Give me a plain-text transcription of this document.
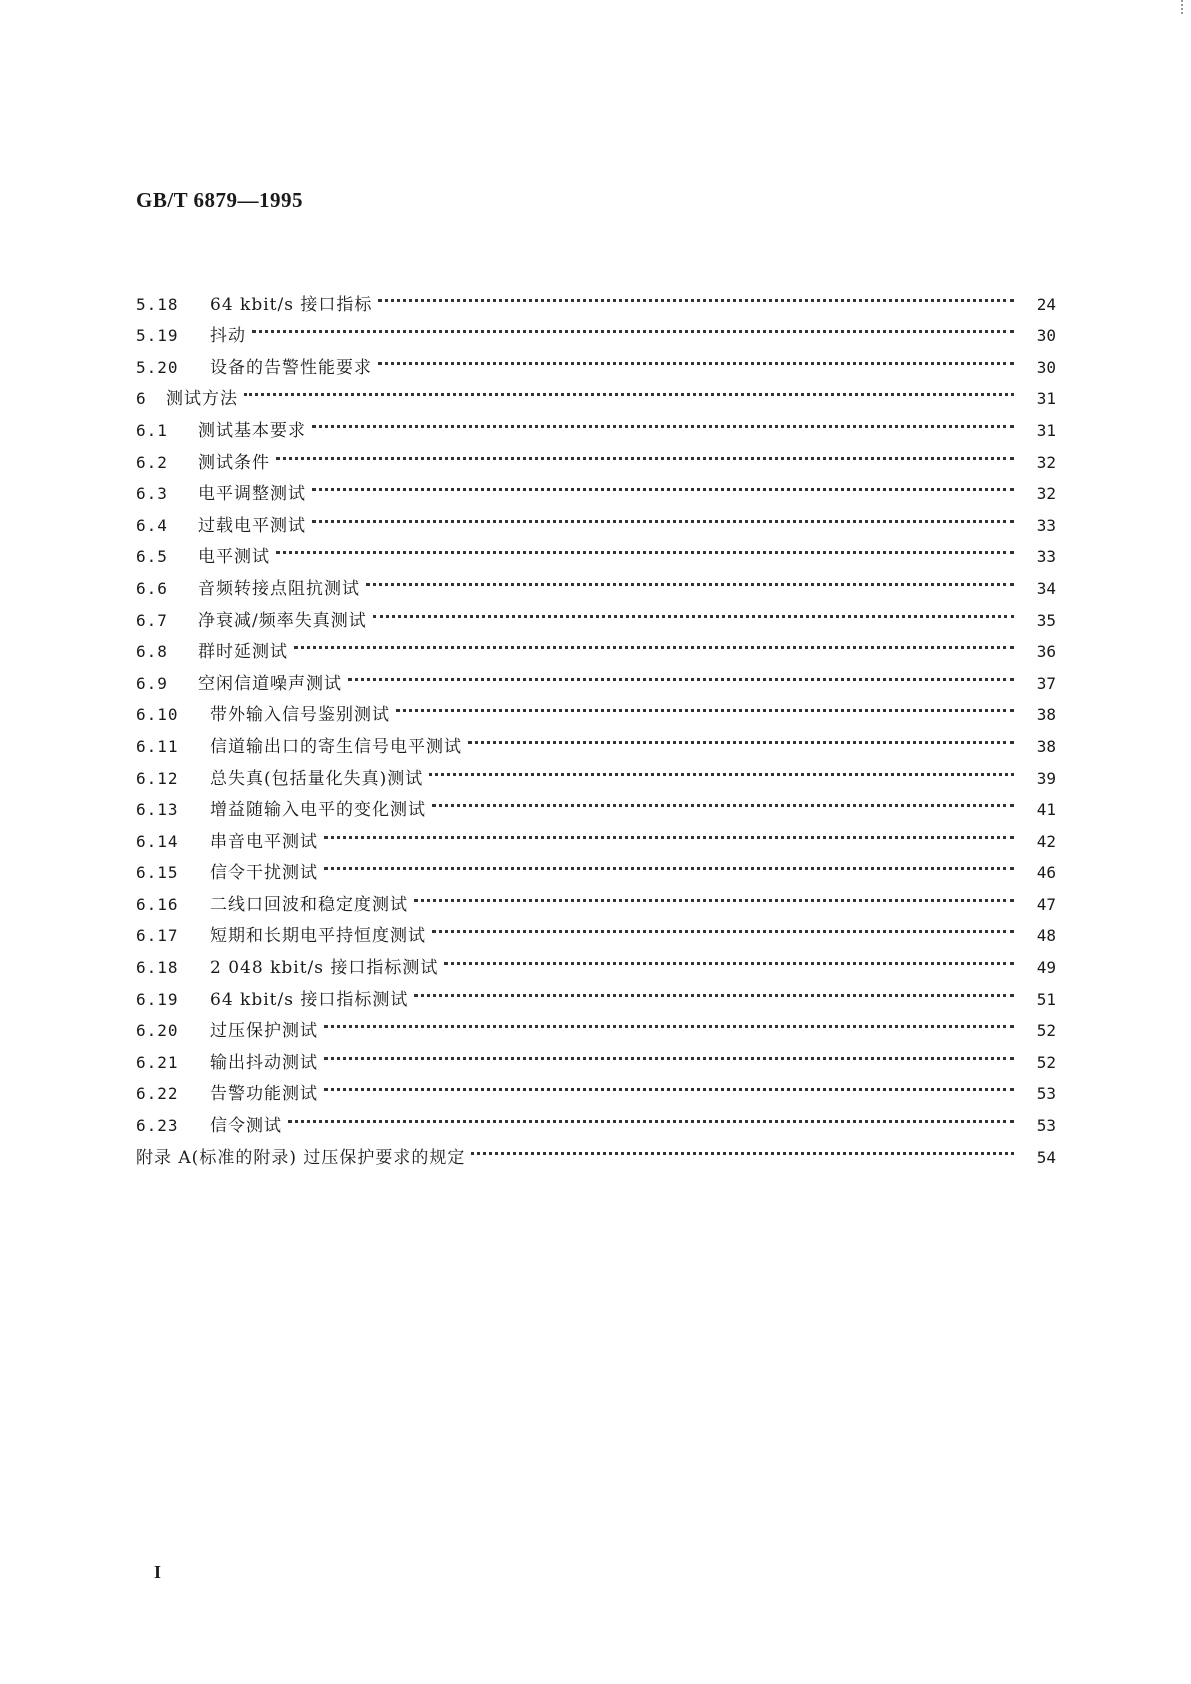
GB/T 6879—1995
5.18	64 kbit/s 接口指标	24
5.19	抖动	30
5.20	设备的告警性能要求	30
6	测试方法	31
6.1	测试基本要求	31
6.2	测试条件	32
6.3	电平调整测试	32
6.4	过载电平测试	33
6.5	电平测试	33
6.6	音频转接点阻抗测试	34
6.7	净衰减/频率失真测试	35
6.8	群时延测试	36
6.9	空闲信道噪声测试	37
6.10	带外输入信号鉴别测试	38
6.11	信道输出口的寄生信号电平测试	38
6.12	总失真(包括量化失真)测试	39
6.13	增益随输入电平的变化测试	41
6.14	串音电平测试	42
6.15	信令干扰测试	46
6.16	二线口回波和稳定度测试	47
6.17	短期和长期电平持恒度测试	48
6.18	2 048 kbit/s 接口指标测试	49
6.19	64 kbit/s 接口指标测试	51
6.20	过压保护测试	52
6.21	输出抖动测试	52
6.22	告警功能测试	53
6.23	信令测试	53
附录 A(标准的附录) 过压保护要求的规定	54
I
